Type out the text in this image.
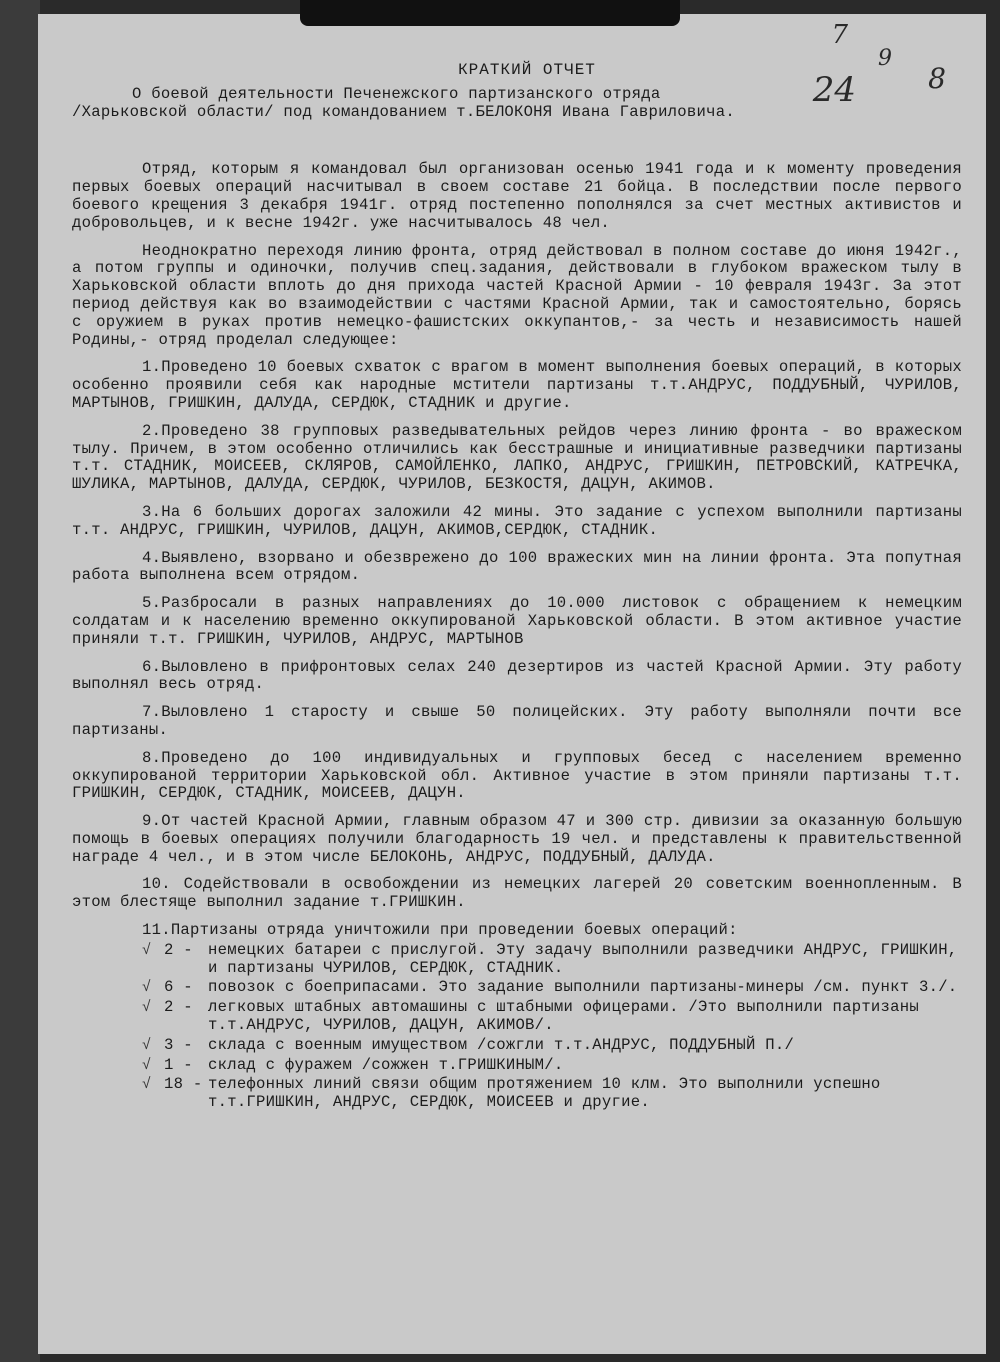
7
9
24	8
КРАТКИЙ ОТЧЕТ
О боевой деятельности Печенежского партизанского отряда
/Харьковской области/ под командованием т.БЕЛОКОНЯ Ивана Гавриловича.

Отряд, которым я командовал был организован осенью 1941 года и к моменту проведения первых боевых операций насчитывал в своем составе 21 бойца. В последствии после первого боевого крещения 3 декабря 1941г. отряд постепенно пополнялся за счет местных активистов и добровольцев, и к весне 1942г. уже насчитывалось 48 чел.

Неоднократно переходя линию фронта, отряд действовал в полном составе до июня 1942г., а потом группы и одиночки, получив спец.задания, действовали в глубоком вражеском тылу в Харьковской области вплоть до дня прихода частей Красной Армии - 10 февраля 1943г. За этот период действуя как во взаимодействии с частями Красной Армии, так и самостоятельно, борясь с оружием в руках против немецко-фашистских оккупантов,- за честь и независимость нашей Родины,- отряд проделал следующее:

1.Проведено 10 боевых схваток с врагом в момент выполнения боевых операций, в которых особенно проявили себя как народные мстители партизаны т.т.АНДРУС, ПОДДУБНЫЙ, ЧУРИЛОВ, МАРТЫНОВ, ГРИШКИН, ДАЛУДА, СЕРДЮК, СТАДНИК и другие.

2.Проведено 38 групповых разведывательных рейдов через линию фронта - во вражеском тылу. Причем, в этом особенно отличились как бесстрашные и инициативные разведчики партизаны т.т. СТАДНИК, МОИСЕЕВ, СКЛЯРОВ, САМОЙЛЕНКО, ЛАПКО, АНДРУС, ГРИШКИН, ПЕТРОВСКИЙ, КАТРЕЧКА, ШУЛИКА, МАРТЫНОВ, ДАЛУДА, СЕРДЮК, ЧУРИЛОВ, БЕЗКОСТЯ, ДАЦУН, АКИМОВ.

3.На 6 больших дорогах заложили 42 мины. Это задание с успехом выполнили партизаны т.т. АНДРУС, ГРИШКИН, ЧУРИЛОВ, ДАЦУН, АКИМОВ,СЕРДЮК, СТАДНИК.

4.Выявлено, взорвано и обезврежено до 100 вражеских мин на линии фронта. Эта попутная работа выполнена всем отрядом.

5.Разбросали в разных направлениях до 10.000 листовок с обращением к немецким солдатам и к населению временно оккупированой Харьковской области. В этом активное участие приняли т.т. ГРИШКИН, ЧУРИЛОВ, АНДРУС, МАРТЫНОВ

6.Выловлено в прифронтовых селах 240 дезертиров из частей Красной Армии. Эту работу выполнял весь отряд.

7.Выловлено 1 старосту и свыше 50 полицейских. Эту работу выполняли почти все партизаны.

8.Проведено до 100 индивидуальных и групповых бесед с населением временно оккупированой территории Харьковской обл. Активное участие в этом приняли партизаны т.т. ГРИШКИН, СЕРДЮК, СТАДНИК, МОИСЕЕВ, ДАЦУН.

9.От частей Красной Армии, главным образом 47 и 300 стр. дивизии за оказанную большую помощь в боевых операциях получили благодарность 19 чел. и представлены к правительственной награде 4 чел., и в этом числе БЕЛОКОНЬ, АНДРУС, ПОДДУБНЫЙ, ДАЛУДА.

10. Содействовали в освобождении из немецких лагерей 20 советским военнопленным. В этом блестяще выполнил задание т.ГРИШКИН.

11.Партизаны отряда уничтожили при проведении боевых операций:

√ 2 - немецких батареи с прислугой. Эту задачу выполнили разведчики АНДРУС, ГРИШКИН, и партизаны ЧУРИЛОВ, СЕРДЮК, СТАДНИК.
√ 6 - повозок с боеприпасами. Это задание выполнили партизаны-минеры /см. пункт 3./.
√ 2 - легковых штабных автомашины с штабными офицерами. /Это выполнили партизаны т.т.АНДРУС, ЧУРИЛОВ, ДАЦУН, АКИМОВ/.
√ 3 - склада с военным имуществом /сожгли т.т.АНДРУС, ПОДДУБНЫЙ П./
√ 1 - склад с фуражем /сожжен т.ГРИШКИНЫМ/.
√ 18 - телефонных линий связи общим протяжением 10 клм. Это выполнили успешно т.т.ГРИШКИН, АНДРУС, СЕРДЮК, МОИСЕЕВ и другие.
